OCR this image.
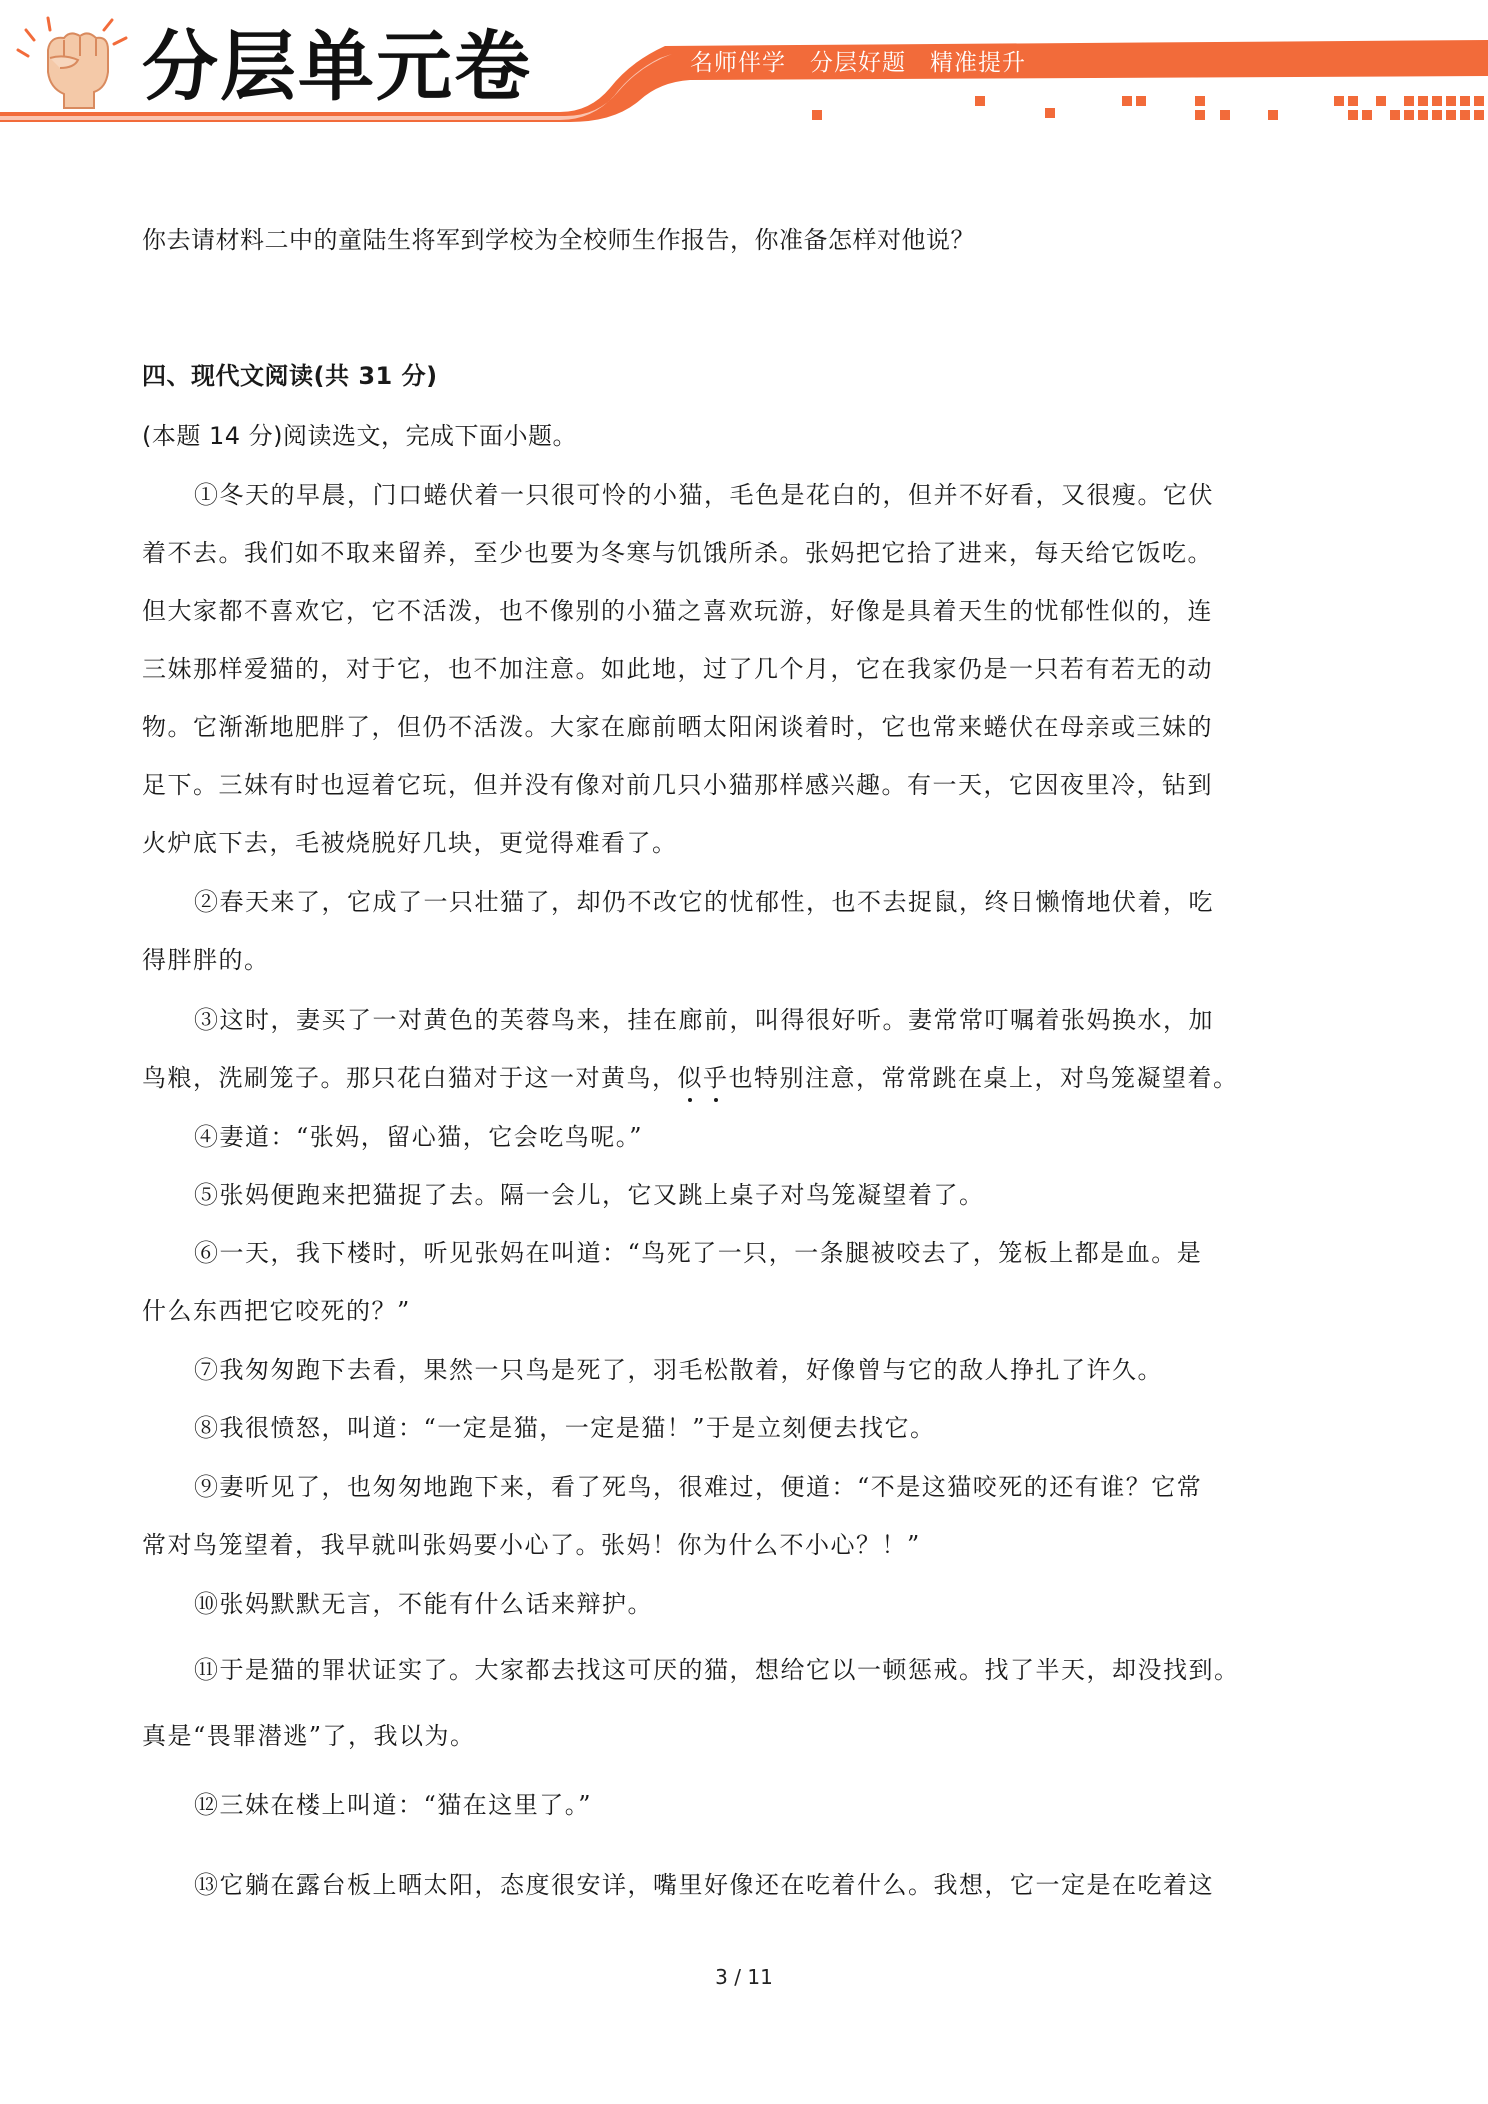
分层单元卷	名师伴学　分层好题　精准提升
你去请材料二中的童陆生将军到学校为全校师生作报告，你准备怎样对他说？
四、现代文阅读(共 31 分)
(本题 14 分)阅读选文，完成下面小题。
①冬天的早晨，门口蜷伏着一只很可怜的小猫，毛色是花白的，但并不好看，又很瘦。它伏
着不去。我们如不取来留养，至少也要为冬寒与饥饿所杀。张妈把它拾了进来，每天给它饭吃。
但大家都不喜欢它，它不活泼，也不像别的小猫之喜欢玩游，好像是具着天生的忧郁性似的，连
三妹那样爱猫的，对于它，也不加注意。如此地，过了几个月，它在我家仍是一只若有若无的动
物。它渐渐地肥胖了，但仍不活泼。大家在廊前晒太阳闲谈着时，它也常来蜷伏在母亲或三妹的
足下。三妹有时也逗着它玩，但并没有像对前几只小猫那样感兴趣。有一天，它因夜里冷，钻到
火炉底下去，毛被烧脱好几块，更觉得难看了。
②春天来了，它成了一只壮猫了，却仍不改它的忧郁性，也不去捉鼠，终日懒惰地伏着，吃
得胖胖的。
③这时，妻买了一对黄色的芙蓉鸟来，挂在廊前，叫得很好听。妻常常叮嘱着张妈换水，加
鸟粮，洗刷笼子。那只花白猫对于这一对黄鸟，似乎也特别注意，常常跳在桌上，对鸟笼凝望着。
④妻道：“张妈，留心猫，它会吃鸟呢。”
⑤张妈便跑来把猫捉了去。隔一会儿，它又跳上桌子对鸟笼凝望着了。
⑥一天，我下楼时，听见张妈在叫道：“鸟死了一只，一条腿被咬去了，笼板上都是血。是
什么东西把它咬死的？”
⑦我匆匆跑下去看，果然一只鸟是死了，羽毛松散着，好像曾与它的敌人挣扎了许久。
⑧我很愤怒，叫道：“一定是猫，一定是猫！”于是立刻便去找它。
⑨妻听见了，也匆匆地跑下来，看了死鸟，很难过，便道：“不是这猫咬死的还有谁？它常
常对鸟笼望着，我早就叫张妈要小心了。张妈！你为什么不小心？！”
⑩张妈默默无言，不能有什么话来辩护。
⑪于是猫的罪状证实了。大家都去找这可厌的猫，想给它以一顿惩戒。找了半天，却没找到。
真是“畏罪潜逃”了，我以为。
⑫三妹在楼上叫道：“猫在这里了。”
⑬它躺在露台板上晒太阳，态度很安详，嘴里好像还在吃着什么。我想，它一定是在吃着这
3 / 11
